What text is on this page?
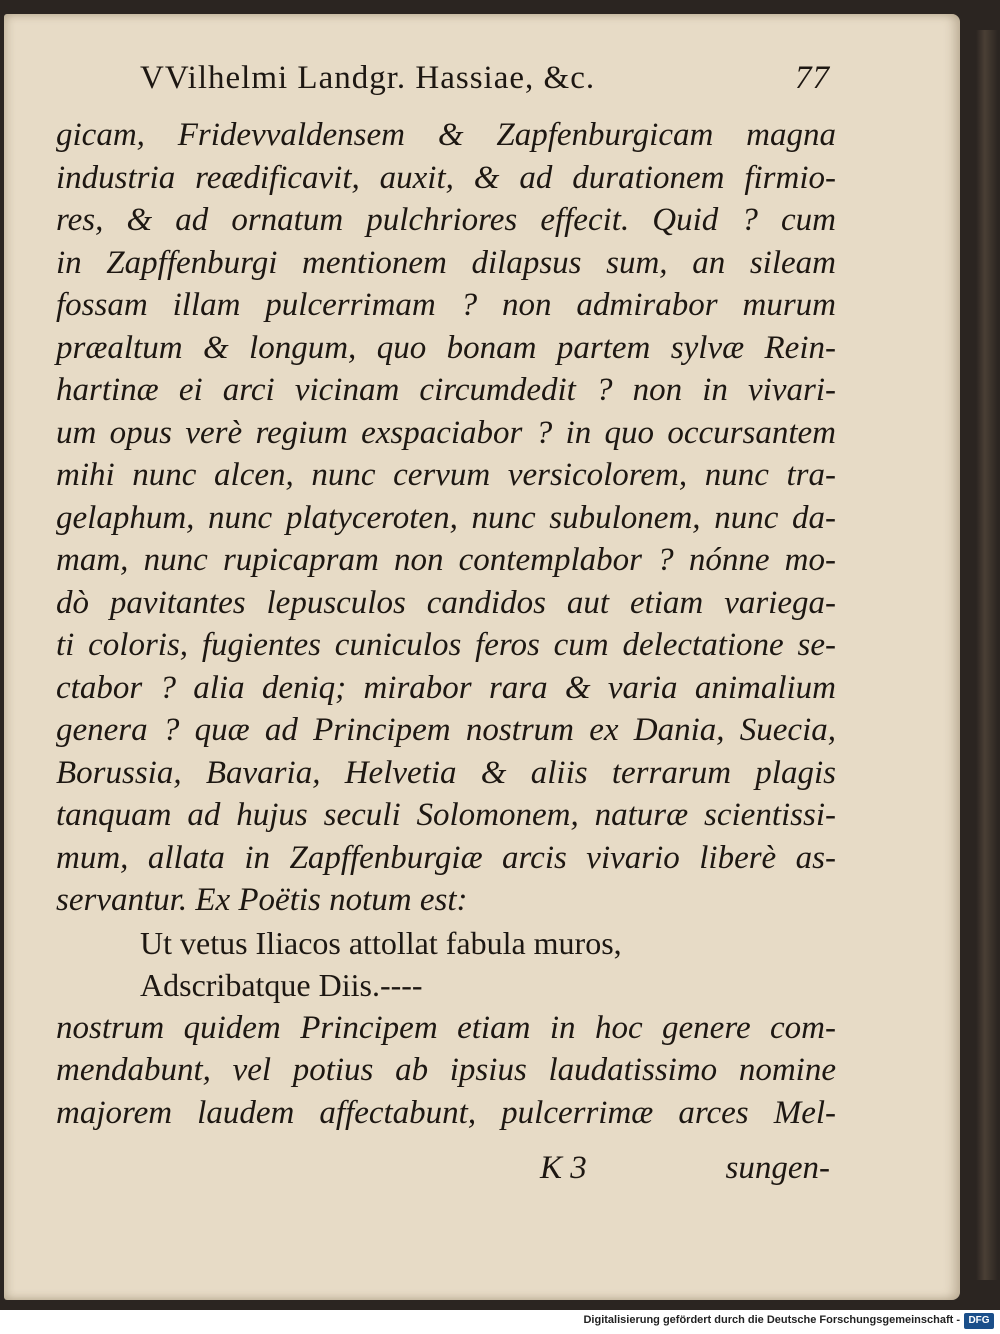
VVilhelmi Landgr. Hassiae, &c.	77
gicam, Fridevvaldensem & Zapfenburgicam magna
industria reædificavit, auxit, & ad durationem firmio-
res, & ad ornatum pulchriores effecit. Quid ? cum
in Zapffenburgi mentionem dilapsus sum, an sileam
fossam illam pulcerrimam ? non admirabor murum
præaltum & longum, quo bonam partem sylvæ Rein-
hartinæ ei arci vicinam circumdedit ? non in vivari-
um opus verè regium exspaciabor ? in quo occursantem
mihi nunc alcen, nunc cervum versicolorem, nunc tra-
gelaphum, nunc platyceroten, nunc subulonem, nunc da-
mam, nunc rupicapram non contemplabor ? nónne mo-
dò pavitantes lepusculos candidos aut etiam variega-
ti coloris, fugientes cuniculos feros cum delectatione se-
ctabor ? alia deniq; mirabor rara & varia animalium
genera ? quæ ad Principem nostrum ex Dania, Suecia,
Borussia, Bavaria, Helvetia & aliis terrarum plagis
tanquam ad hujus seculi Solomonem, naturæ scientissi-
mum, allata in Zapffenburgiæ arcis vivario liberè as-
servantur. Ex Poëtis notum est:
Ut vetus Iliacos attollat fabula muros,
Adscribatque Diis.----
nostrum quidem Principem etiam in hoc genere com-
mendabunt, vel potius ab ipsius laudatissimo nomine
majorem laudem affectabunt, pulcerrimæ arces Mel-
K 3	sungen-
Digitalisierung gefördert durch die Deutsche Forschungsgemeinschaft - DFG
